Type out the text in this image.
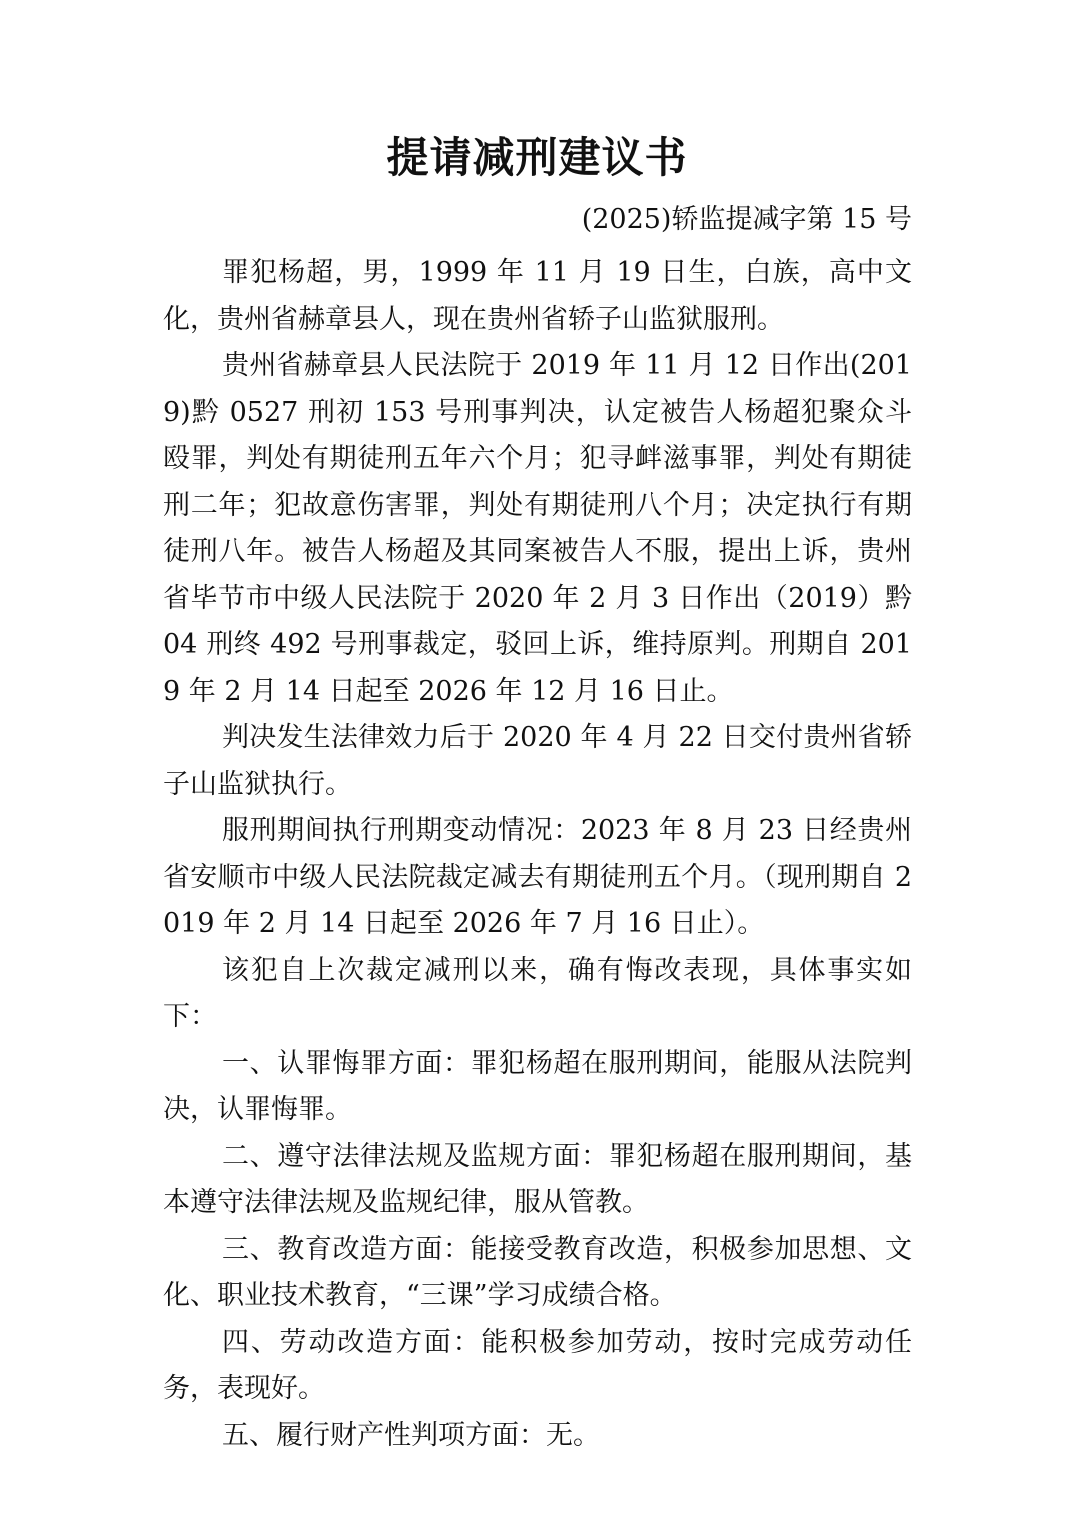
提请减刑建议书
(2025)轿监提减字第 15 号

罪犯杨超，男，1999 年 11 月 19 日生，白族，高中文化，贵州省赫章县人，现在贵州省轿子山监狱服刑。

贵州省赫章县人民法院于 2019 年 11 月 12 日作出(2019)黔 0527 刑初 153 号刑事判决，认定被告人杨超犯聚众斗殴罪，判处有期徒刑五年六个月；犯寻衅滋事罪，判处有期徒刑二年；犯故意伤害罪，判处有期徒刑八个月；决定执行有期徒刑八年。被告人杨超及其同案被告人不服，提出上诉，贵州省毕节市中级人民法院于 2020 年 2 月 3 日作出（2019）黔 04 刑终 492 号刑事裁定，驳回上诉，维持原判。刑期自 2019 年 2 月 14 日起至 2026 年 12 月 16 日止。

判决发生法律效力后于 2020 年 4 月 22 日交付贵州省轿子山监狱执行。

服刑期间执行刑期变动情况：2023 年 8 月 23 日经贵州省安顺市中级人民法院裁定减去有期徒刑五个月。（现刑期自 2019 年 2 月 14 日起至 2026 年 7 月 16 日止）。

该犯自上次裁定减刑以来，确有悔改表现，具体事实如下：

一、认罪悔罪方面：罪犯杨超在服刑期间，能服从法院判决，认罪悔罪。

二、遵守法律法规及监规方面：罪犯杨超在服刑期间，基本遵守法律法规及监规纪律，服从管教。

三、教育改造方面：能接受教育改造，积极参加思想、文化、职业技术教育，“三课”学习成绩合格。

四、劳动改造方面：能积极参加劳动，按时完成劳动任务，表现好。

五、履行财产性判项方面：无。
